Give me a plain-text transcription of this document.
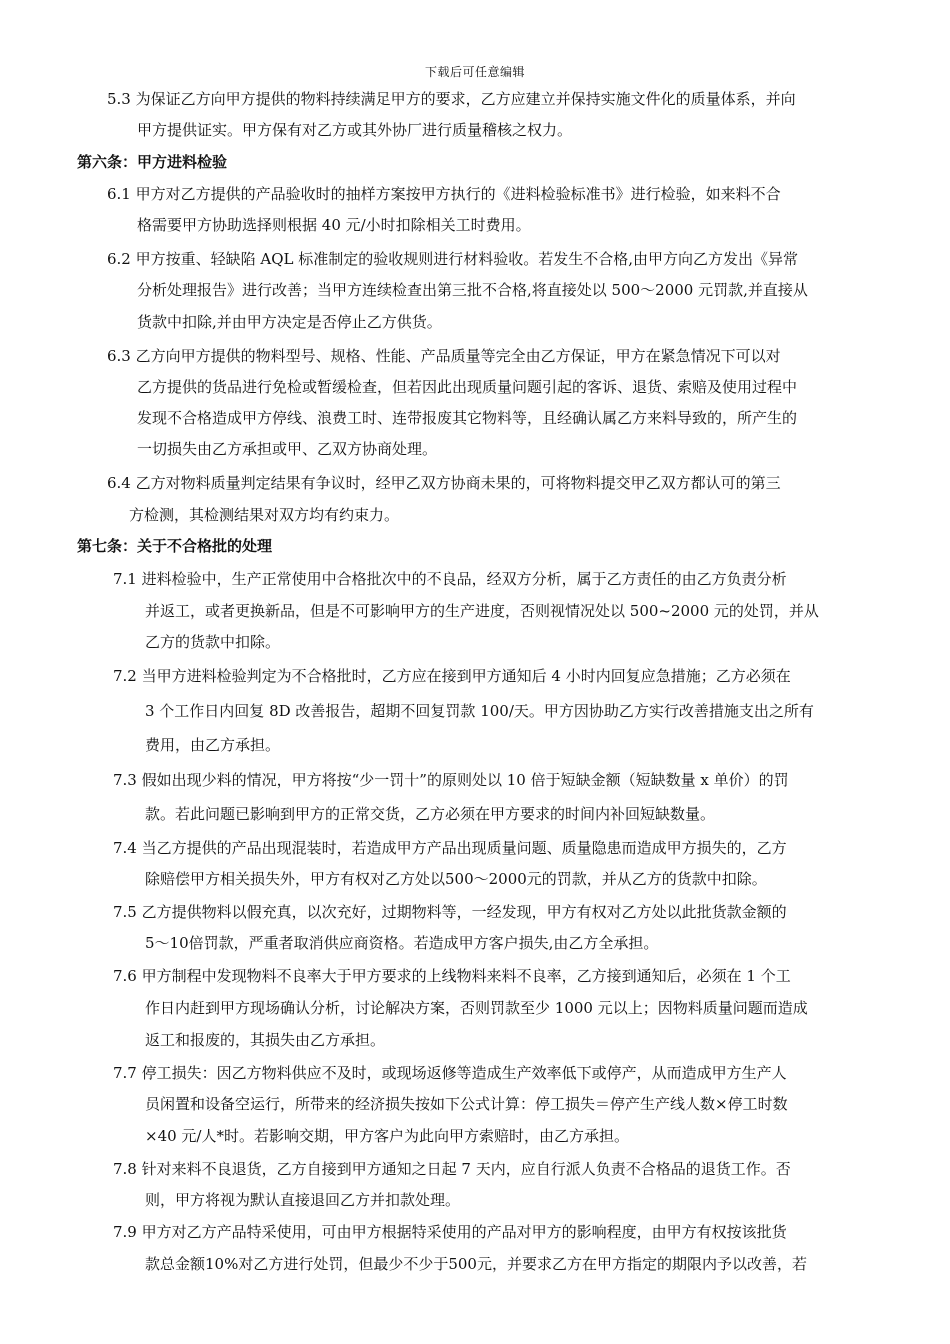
下载后可任意编辑
5.3 为保证乙方向甲方提供的物料持续满足甲方的要求，乙方应建立并保持实施文件化的质量体系，并向
甲方提供证实。甲方保有对乙方或其外协厂进行质量稽核之权力。
第六条：甲方进料检验
6.1 甲方对乙方提供的产品验收时的抽样方案按甲方执行的《进料检验标准书》进行检验，如来料不合
格需要甲方协助选择则根据 40 元/小时扣除相关工时费用。
6.2 甲方按重、轻缺陷 AQL 标准制定的验收规则进行材料验收。若发生不合格,由甲方向乙方发出《异常
分析处理报告》进行改善；当甲方连续检查出第三批不合格,将直接处以 500～2000 元罚款,并直接从
货款中扣除,并由甲方决定是否停止乙方供货。
6.3 乙方向甲方提供的物料型号、规格、性能、产品质量等完全由乙方保证，甲方在紧急情况下可以对
乙方提供的货品进行免检或暂缓检查，但若因此出现质量问题引起的客诉、退货、索赔及使用过程中
发现不合格造成甲方停线、浪费工时、连带报废其它物料等，且经确认属乙方来料导致的，所产生的
一切损失由乙方承担或甲、乙双方协商处理。
6.4 乙方对物料质量判定结果有争议时，经甲乙双方协商未果的，可将物料提交甲乙双方都认可的第三
方检测，其检测结果对双方均有约束力。
第七条：关于不合格批的处理
7.1 进料检验中，生产正常使用中合格批次中的不良品，经双方分析，属于乙方责任的由乙方负责分析
并返工，或者更换新品，但是不可影响甲方的生产进度，否则视情况处以 500~2000 元的处罚，并从
乙方的货款中扣除。
7.2 当甲方进料检验判定为不合格批时，乙方应在接到甲方通知后 4 小时内回复应急措施；乙方必须在
3 个工作日内回复 8D 改善报告，超期不回复罚款 100/天。甲方因协助乙方实行改善措施支出之所有
费用，由乙方承担。
7.3 假如出现少料的情况，甲方将按“少一罚十”的原则处以 10 倍于短缺金额（短缺数量 x 单价）的罚
款。若此问题已影响到甲方的正常交货，乙方必须在甲方要求的时间内补回短缺数量。
7.4 当乙方提供的产品出现混装时，若造成甲方产品出现质量问题、质量隐患而造成甲方损失的，乙方
除赔偿甲方相关损失外，甲方有权对乙方处以500～2000元的罚款，并从乙方的货款中扣除。
7.5 乙方提供物料以假充真，以次充好，过期物料等，一经发现，甲方有权对乙方处以此批货款金额的
5～10倍罚款，严重者取消供应商资格。若造成甲方客户损失,由乙方全承担。
7.6 甲方制程中发现物料不良率大于甲方要求的上线物料来料不良率，乙方接到通知后，必须在 1 个工
作日内赶到甲方现场确认分析，讨论解决方案，否则罚款至少 1000 元以上；因物料质量问题而造成
返工和报废的，其损失由乙方承担。
7.7 停工损失：因乙方物料供应不及时，或现场返修等造成生产效率低下或停产，从而造成甲方生产人
员闲置和设备空运行，所带来的经济损失按如下公式计算：停工损失＝停产生产线人数×停工时数
×40 元/人*时。若影响交期，甲方客户为此向甲方索赔时，由乙方承担。
7.8 针对来料不良退货，乙方自接到甲方通知之日起 7 天内，应自行派人负责不合格品的退货工作。否
则，甲方将视为默认直接退回乙方并扣款处理。
7.9 甲方对乙方产品特采使用，可由甲方根据特采使用的产品对甲方的影响程度，由甲方有权按该批货
款总金额10%对乙方进行处罚，但最少不少于500元，并要求乙方在甲方指定的期限内予以改善，若
